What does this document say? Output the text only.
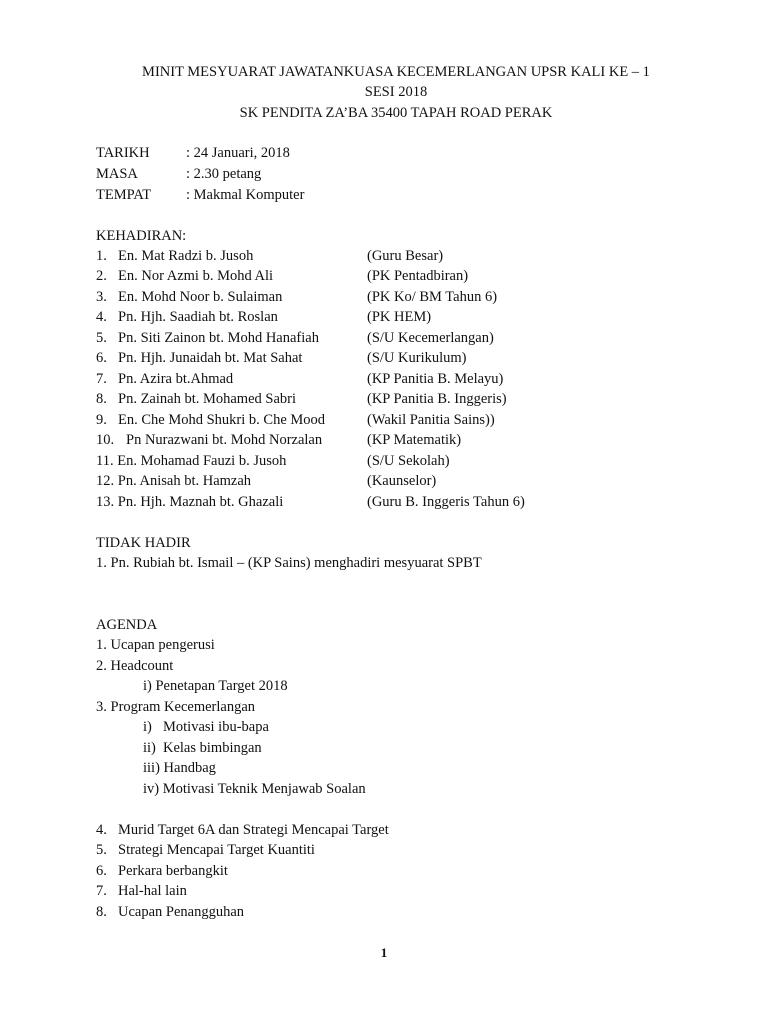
MINIT MESYUARAT JAWATANKUASA KECEMERLANGAN UPSR KALI KE – 1
SESI 2018
SK PENDITA ZA’BA 35400 TAPAH ROAD PERAK
TARIKH	: 24 Januari, 2018
MASA	: 2.30 petang
TEMPAT : Makmal Komputer
KEHADIRAN:
1. En. Mat Radzi b. Jusoh	(Guru Besar)
2. En. Nor Azmi b. Mohd Ali	(PK Pentadbiran)
3. En. Mohd Noor b. Sulaiman	(PK Ko/ BM Tahun 6)
4. Pn. Hjh. Saadiah bt. Roslan	(PK HEM)
5. Pn. Siti Zainon bt. Mohd Hanafiah	(S/U Kecemerlangan)
6. Pn. Hjh. Junaidah bt. Mat Sahat	(S/U Kurikulum)
7. Pn. Azira bt.Ahmad	(KP Panitia B. Melayu)
8. Pn. Zainah bt. Mohamed Sabri	(KP Panitia B. Inggeris)
9. En. Che Mohd Shukri b. Che Mood	(Wakil Panitia Sains))
10. Pn Nurazwani bt. Mohd Norzalan	(KP Matematik)
11. En. Mohamad Fauzi b. Jusoh	(S/U Sekolah)
12. Pn. Anisah bt. Hamzah	(Kaunselor)
13. Pn. Hjh. Maznah bt. Ghazali	(Guru B. Inggeris Tahun 6)
TIDAK HADIR
1. Pn. Rubiah bt. Ismail – (KP Sains) menghadiri mesyuarat SPBT
AGENDA
1. Ucapan pengerusi
2. Headcount
i) Penetapan Target 2018
3. Program Kecemerlangan
i) Motivasi ibu-bapa
ii) Kelas bimbingan
iii) Handbag
iv) Motivasi Teknik Menjawab Soalan
4. Murid Target 6A dan Strategi Mencapai Target
5. Strategi Mencapai Target Kuantiti
6. Perkara berbangkit
7. Hal-hal lain
8. Ucapan Penangguhan
1
